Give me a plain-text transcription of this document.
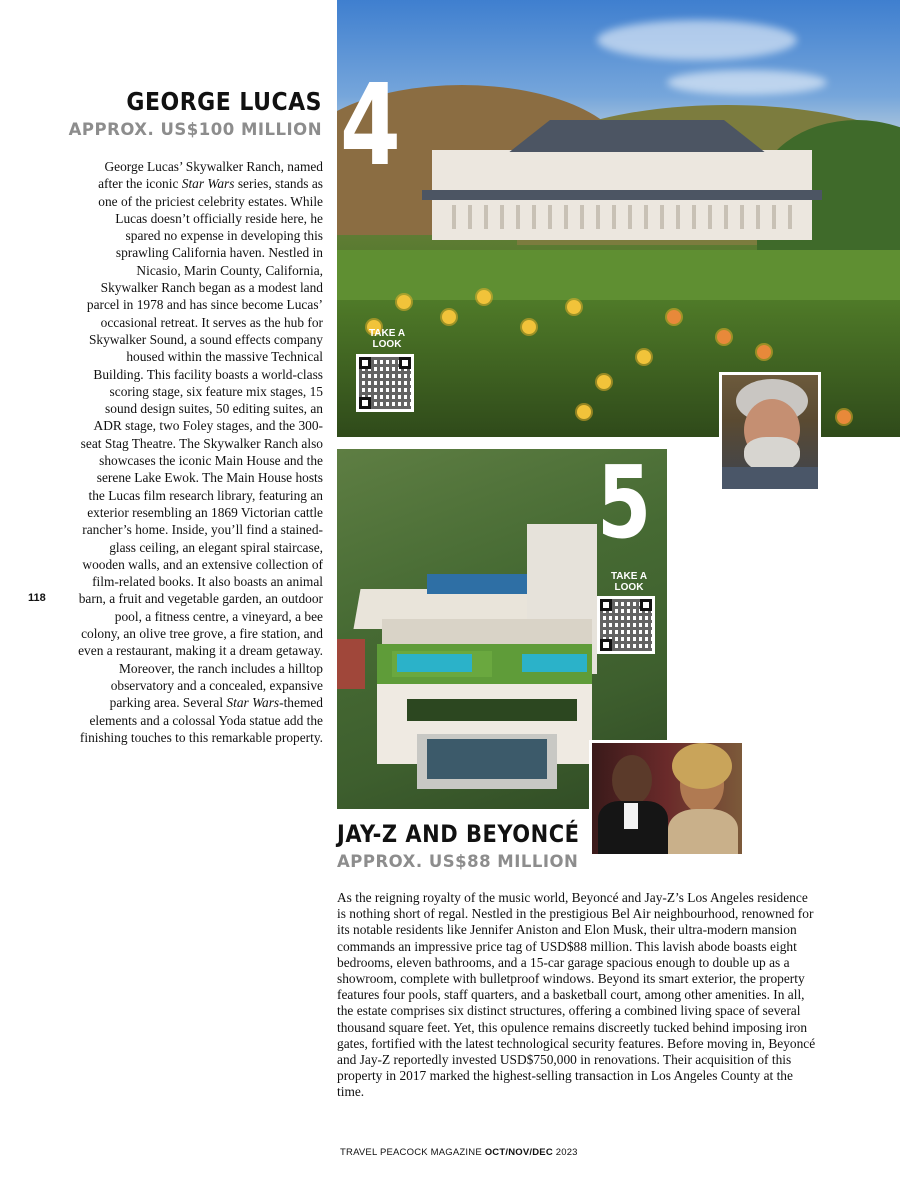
GEORGE LUCAS
APPROX. US$100 MILLION
George Lucas’ Skywalker Ranch, named after the iconic Star Wars series, stands as one of the priciest celebrity estates. While Lucas doesn’t officially reside here, he spared no expense in developing this sprawling California haven. Nestled in Nicasio, Marin County, California, Skywalker Ranch began as a modest land parcel in 1978 and has since become Lucas’ occasional retreat. It serves as the hub for Skywalker Sound, a sound effects company housed within the massive Technical Building. This facility boasts a world-class scoring stage, six feature mix stages, 15 sound design suites, 50 editing suites, an ADR stage, two Foley stages, and the 300-seat Stag Theatre. The Skywalker Ranch also showcases the iconic Main House and the serene Lake Ewok. The Main House hosts the Lucas film research library, featuring an exterior resembling an 1869 Victorian cattle rancher’s home. Inside, you’ll find a stained-glass ceiling, an elegant spiral staircase, wooden walls, and an extensive collection of film-related books. It also boasts an animal barn, a fruit and vegetable garden, an outdoor pool, a fitness centre, a vineyard, a bee colony, an olive tree grove, a fire station, and even a restaurant, making it a dream getaway. Moreover, the ranch includes a hilltop observatory and a concealed, expansive parking area. Several Star Wars-themed elements and a colossal Yoda statue add the finishing touches to this remarkable property.
118
4
TAKE A LOOK
5
TAKE A LOOK
JAY-Z AND BEYONCÉ
APPROX. US$88 MILLION
As the reigning royalty of the music world, Beyoncé and Jay-Z’s Los Angeles residence is nothing short of regal. Nestled in the prestigious Bel Air neighbourhood, renowned for its notable residents like Jennifer Aniston and Elon Musk, their ultra-modern mansion commands an impressive price tag of USD$88 million. This lavish abode boasts eight bedrooms, eleven bathrooms, and a 15-car garage spacious enough to double up as a showroom, complete with bulletproof windows. Beyond its smart exterior, the property features four pools, staff quarters, and a basketball court, among other amenities. In all, the estate comprises six distinct structures, offering a combined living space of several thousand square feet. Yet, this opulence remains discreetly tucked behind imposing iron gates, fortified with the latest technological security features. Before moving in, Beyoncé and Jay-Z reportedly invested USD$750,000 in renovations. Their acquisition of this property in 2017 marked the highest-selling transaction in Los Angeles County at the time.
TRAVEL PEACOCK MAGAZINE OCT/NOV/DEC 2023
